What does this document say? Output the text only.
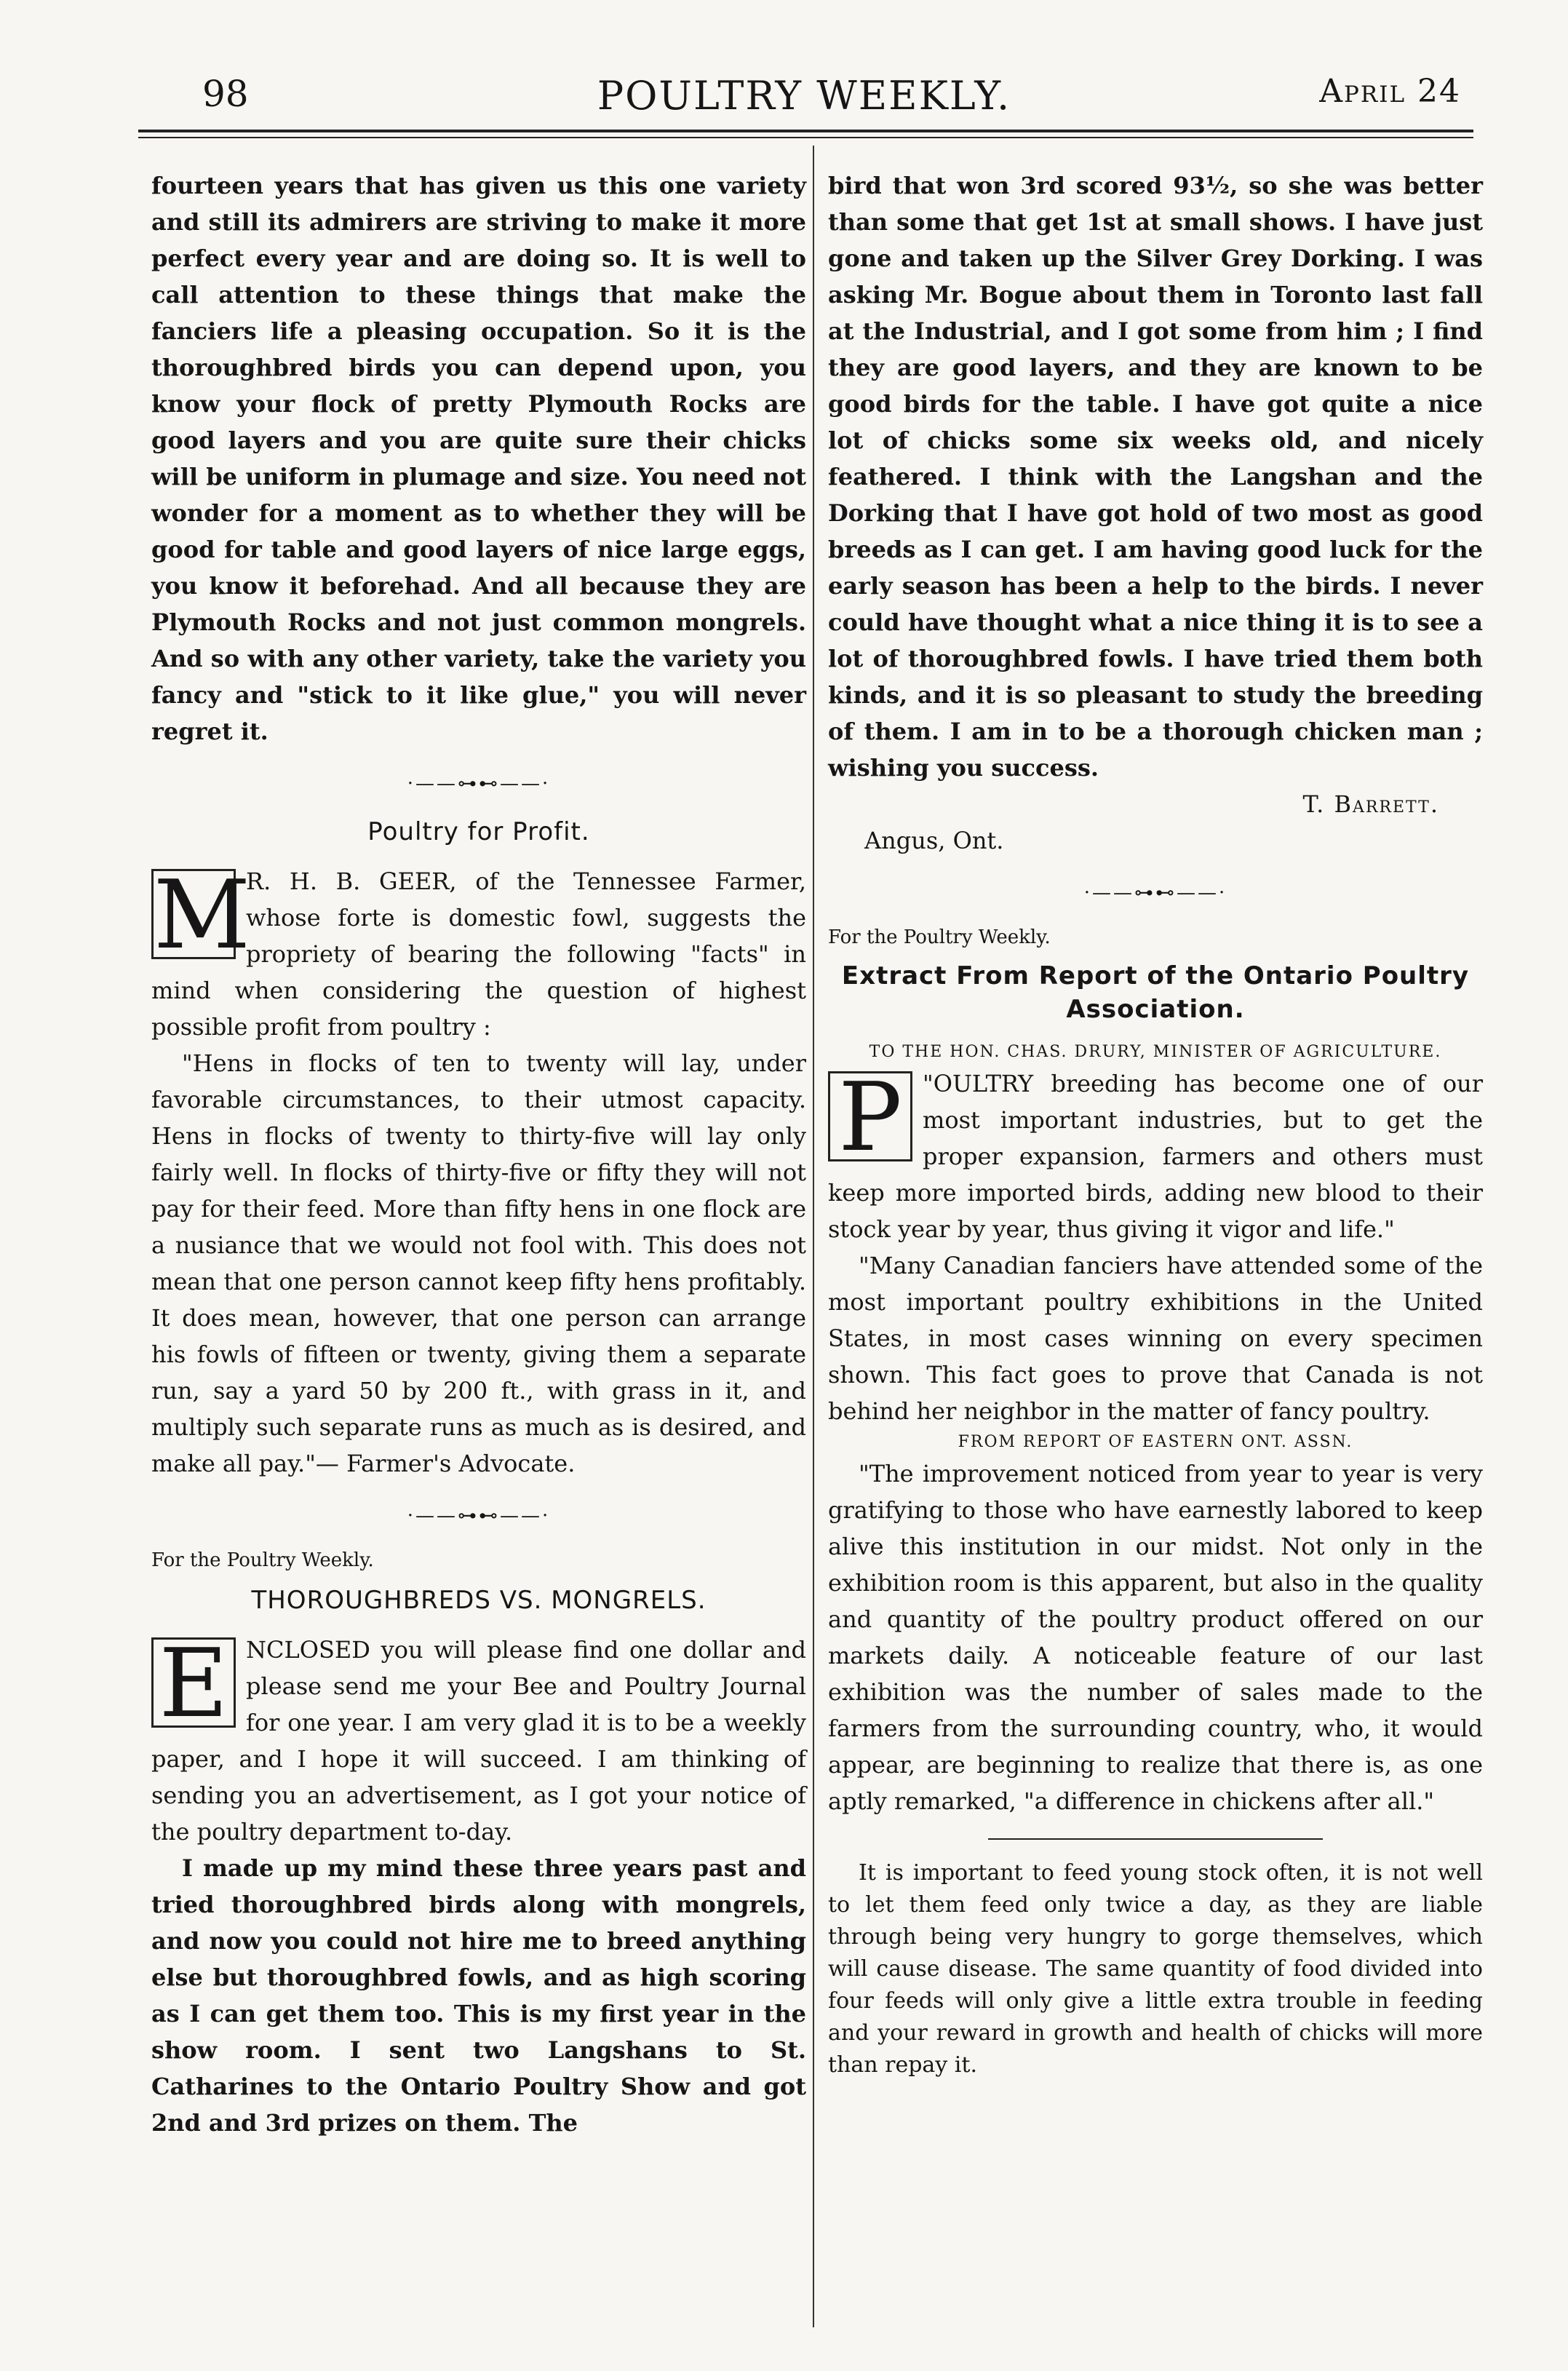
98	POULTRY WEEKLY.	April 24

fourteen years that has given us this one variety and still its admirers are striving to make it more perfect every year and are doing so. It is well to call attention to these things that make the fanciers life a pleasing occupation. So it is the thoroughbred birds you can depend upon, you know your flock of pretty Plymouth Rocks are good layers and you are quite sure their chicks will be uniform in plumage and size. You need not wonder for a moment as to whether they will be good for table and good layers of nice large eggs, you know it beforehad. And all because they are Plymouth Rocks and not just common mongrels. And so with any other variety, take the variety you fancy and "stick to it like glue," you will never regret it.

·——⊶⊷——·
Poultry for Profit.
M

R. H. B. GEER, of the Tennessee Farmer, whose forte is domestic fowl, suggests the propriety of bearing the following "facts" in mind when considering the question of highest possible profit from poultry :

"Hens in flocks of ten to twenty will lay, under favorable circumstances, to their utmost capacity. Hens in flocks of twenty to thirty-five will lay only fairly well. In flocks of thirty-five or fifty they will not pay for their feed. More than fifty hens in one flock are a nusiance that we would not fool with. This does not mean that one person cannot keep fifty hens profitably. It does mean, however, that one person can arrange his fowls of fifteen or twenty, giving them a separate run, say a yard 50 by 200 ft., with grass in it, and multiply such separate runs as much as is desired, and make all pay."— Farmer's Advocate.

·——⊶⊷——·
For the Poultry Weekly.
THOROUGHBREDS VS. MONGRELS.
E NCLOSED you will please find one dollar and please send me your Bee and Poultry Journal for one year. I am very glad it is to be a weekly paper, and I hope it will succeed. I am thinking of sending you an advertisement, as I got your notice of the poultry department to-day.

I made up my mind these three years past and tried thoroughbred birds along with mongrels, and now you could not hire me to breed anything else but thoroughbred fowls, and as high scoring as I can get them too. This is my first year in the show room. I sent two Langshans to St. Catharines to the Ontario Poultry Show and got 2nd and 3rd prizes on them. The

bird that won 3rd scored 93½, so she was better than some that get 1st at small shows. I have just gone and taken up the Silver Grey Dorking. I was asking Mr. Bogue about them in Toronto last fall at the Industrial, and I got some from him ; I find they are good layers, and they are known to be good birds for the table. I have got quite a nice lot of chicks some six weeks old, and nicely feathered. I think with the Langshan and the Dorking that I have got hold of two most as good breeds as I can get. I am having good luck for the early season has been a help to the birds. I never could have thought what a nice thing it is to see a lot of thoroughbred fowls. I have tried them both kinds, and it is so pleasant to study the breeding of them. I am in to be a thorough chicken man ; wishing you success.

T. Barrett.
Angus, Ont.
·——⊶⊷——·
For the Poultry Weekly.
Extract From Report of the Ontario Poultry Association.
TO THE HON. CHAS. DRURY, MINISTER OF AGRICULTURE.
P "OULTRY breeding has become one of our most important industries, but to get the proper expansion, farmers and others must keep more imported birds, adding new blood to their stock year by year, thus giving it vigor and life."

"Many Canadian fanciers have attended some of the most important poultry exhibitions in the United States, in most cases winning on every specimen shown. This fact goes to prove that Canada is not behind her neighbor in the matter of fancy poultry.

FROM REPORT OF EASTERN ONT. ASSN.

"The improvement noticed from year to year is very gratifying to those who have earnestly labored to keep alive this institution in our midst. Not only in the exhibition room is this apparent, but also in the quality and quantity of the poultry product offered on our markets daily. A noticeable feature of our last exhibition was the number of sales made to the farmers from the surrounding country, who, it would appear, are beginning to realize that there is, as one aptly remarked, "a difference in chickens after all."

It is important to feed young stock often, it is not well to let them feed only twice a day, as they are liable through being very hungry to gorge themselves, which will cause disease. The same quantity of food divided into four feeds will only give a little extra trouble in feeding and your reward in growth and health of chicks will more than repay it.
